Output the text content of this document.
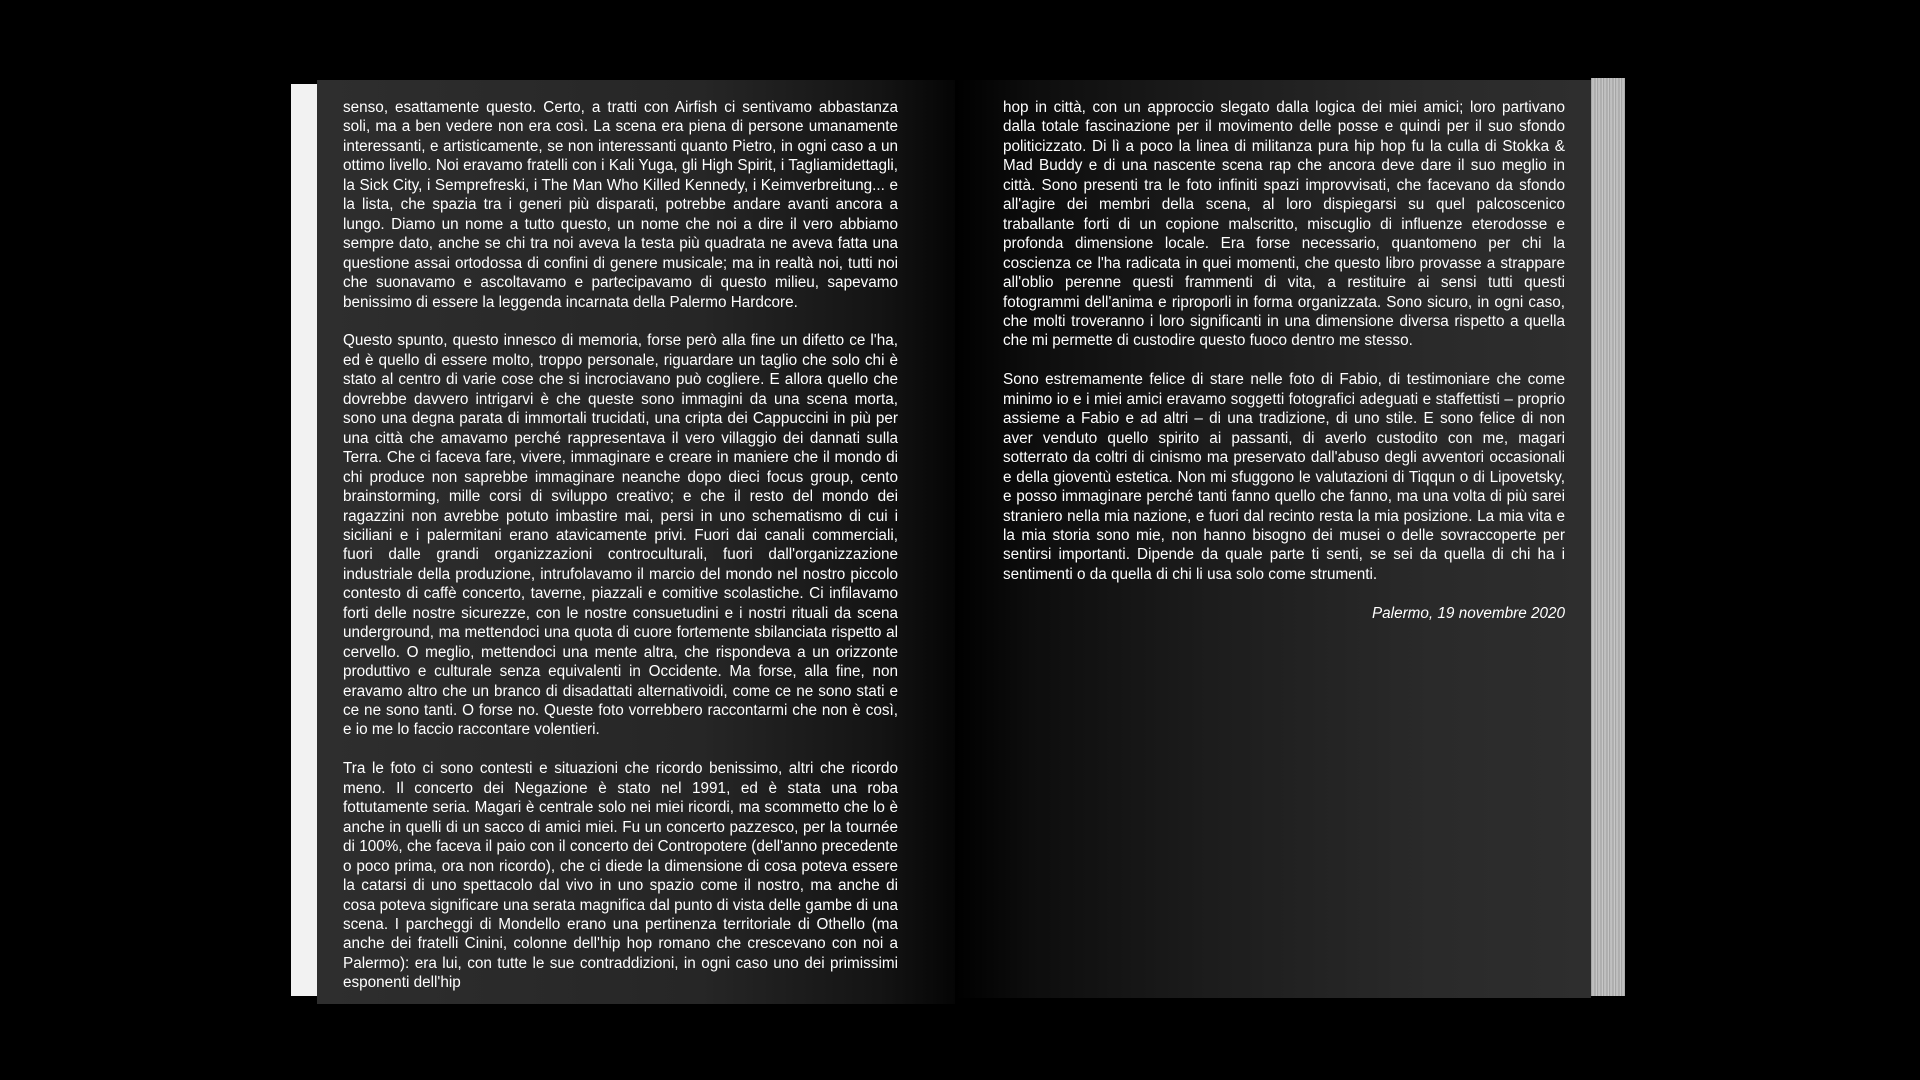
senso, esattamente questo. Certo, a tratti con Airfish ci sentivamo abbastanza soli, ma a ben vedere non era così. La scena era piena di persone umanamente interessanti, e artisticamente, se non interessanti quanto Pietro, in ogni caso a un ottimo livello. Noi eravamo fratelli con i Kali Yuga, gli High Spirit, i Tagliamidettagli, la Sick City, i Semprefreski, i The Man Who Killed Kennedy, i Keimverbreitung... e la lista, che spazia tra i generi più disparati, potrebbe andare avanti ancora a lungo. Diamo un nome a tutto questo, un nome che noi a dire il vero abbiamo sempre dato, anche se chi tra noi aveva la testa più quadrata ne aveva fatta una questione assai ortodossa di confini di genere musicale; ma in realtà noi, tutti noi che suonavamo e ascoltavamo e partecipavamo di questo milieu, sapevamo benissimo di essere la leggenda incarnata della Palermo Hardcore.

Questo spunto, questo innesco di memoria, forse però alla fine un difetto ce l'ha, ed è quello di essere molto, troppo personale, riguardare un taglio che solo chi è stato al centro di varie cose che si incrociavano può cogliere. E allora quello che dovrebbe davvero intrigarvi è che queste sono immagini da una scena morta, sono una degna parata di immortali trucidati, una cripta dei Cappuccini in più per una città che amavamo perché rappresentava il vero villaggio dei dannati sulla Terra. Che ci faceva fare, vivere, immaginare e creare in maniere che il mondo di chi produce non saprebbe immaginare neanche dopo dieci focus group, cento brainstorming, mille corsi di sviluppo creativo; e che il resto del mondo dei ragazzini non avrebbe potuto imbastire mai, persi in uno schematismo di cui i siciliani e i palermitani erano atavicamente privi. Fuori dai canali commerciali, fuori dalle grandi organizzazioni controculturali, fuori dall'organizzazione industriale della produzione, intrufolavamo il marcio del mondo nel nostro piccolo contesto di caffè concerto, taverne, piazzali e comitive scolastiche. Ci infilavamo forti delle nostre sicurezze, con le nostre consuetudini e i nostri rituali da scena underground, ma mettendoci una quota di cuore fortemente sbilanciata rispetto al cervello. O meglio, mettendoci una mente altra, che rispondeva a un orizzonte produttivo e culturale senza equivalenti in Occidente. Ma forse, alla fine, non eravamo altro che un branco di disadattati alternativoidi, come ce ne sono stati e ce ne sono tanti. O forse no. Queste foto vorrebbero raccontarmi che non è così, e io me lo faccio raccontare volentieri.

Tra le foto ci sono contesti e situazioni che ricordo benissimo, altri che ricordo meno. Il concerto dei Negazione è stato nel 1991, ed è stata una roba fottutamente seria. Magari è centrale solo nei miei ricordi, ma scommetto che lo è anche in quelli di un sacco di amici miei. Fu un concerto pazzesco, per la tournée di 100%, che faceva il paio con il concerto dei Contropotere (dell'anno precedente o poco prima, ora non ricordo), che ci diede la dimensione di cosa poteva essere la catarsi di uno spettacolo dal vivo in uno spazio come il nostro, ma anche di cosa poteva significare una serata magnifica dal punto di vista delle gambe di una scena. I parcheggi di Mondello erano una pertinenza territoriale di Othello (ma anche dei fratelli Cinini, colonne dell'hip hop romano che crescevano con noi a Palermo): era lui, con tutte le sue contraddizioni, in ogni caso uno dei primissimi esponenti dell'hip

hop in città, con un approccio slegato dalla logica dei miei amici; loro partivano dalla totale fascinazione per il movimento delle posse e quindi per il suo sfondo politicizzato. Di lì a poco la linea di militanza pura hip hop fu la culla di Stokka & Mad Buddy e di una nascente scena rap che ancora deve dare il suo meglio in città. Sono presenti tra le foto infiniti spazi improvvisati, che facevano da sfondo all'agire dei membri della scena, al loro dispiegarsi su quel palcoscenico traballante forti di un copione malscritto, miscuglio di influenze eterodosse e profonda dimensione locale. Era forse necessario, quantomeno per chi la coscienza ce l'ha radicata in quei momenti, che questo libro provasse a strappare all'oblio perenne questi frammenti di vita, a restituire ai sensi tutti questi fotogrammi dell'anima e riproporli in forma organizzata. Sono sicuro, in ogni caso, che molti troveranno i loro significanti in una dimensione diversa rispetto a quella che mi permette di custodire questo fuoco dentro me stesso.

Sono estremamente felice di stare nelle foto di Fabio, di testimoniare che come minimo io e i miei amici eravamo soggetti fotografici adeguati e staffettisti – proprio assieme a Fabio e ad altri – di una tradizione, di uno stile. E sono felice di non aver venduto quello spirito ai passanti, di averlo custodito con me, magari sotterrato da coltri di cinismo ma preservato dall'abuso degli avventori occasionali e della gioventù estetica. Non mi sfuggono le valutazioni di Tiqqun o di Lipovetsky, e posso immaginare perché tanti fanno quello che fanno, ma una volta di più sarei straniero nella mia nazione, e fuori dal recinto resta la mia posizione. La mia vita e la mia storia sono mie, non hanno bisogno dei musei o delle sovraccoperte per sentirsi importanti. Dipende da quale parte ti senti, se sei da quella di chi ha i sentimenti o da quella di chi li usa solo come strumenti.

Palermo, 19 novembre 2020
